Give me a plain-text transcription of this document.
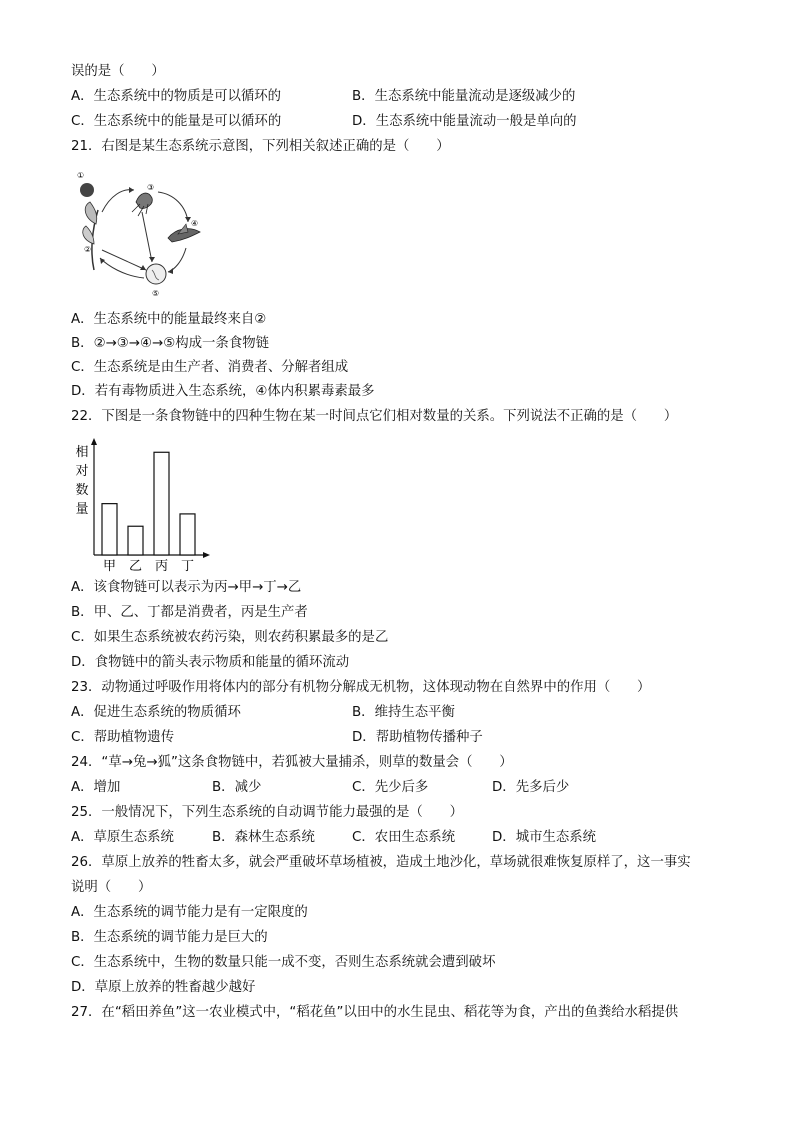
误的是（　　）
A．生态系统中的物质是可以循环的	B．生态系统中能量流动是逐级减少的
C．生态系统中的能量是可以循环的	D．生态系统中能量流动一般是单向的
21．右图是某生态系统示意图，下列相关叙述正确的是（　　）
①
②
③
④
⑤
A．生态系统中的能量最终来自②
B．②→③→④→⑤构成一条食物链
C．生态系统是由生产者、消费者、分解者组成
D．若有毒物质进入生态系统，④体内积累毒素最多
22．下图是一条食物链中的四种生物在某一时间点它们相对数量的关系。下列说法不正确的是（　　）
相
对
数
量
甲 乙 丙 丁
A．该食物链可以表示为丙→甲→丁→乙
B．甲、乙、丁都是消费者，丙是生产者
C．如果生态系统被农药污染，则农药积累最多的是乙
D．食物链中的箭头表示物质和能量的循环流动
23．动物通过呼吸作用将体内的部分有机物分解成无机物，这体现动物在自然界中的作用（　　）
A．促进生态系统的物质循环	B．维持生态平衡
C．帮助植物遗传	D．帮助植物传播种子
24．“草→兔→狐”这条食物链中，若狐被大量捕杀，则草的数量会（　　）
A．增加	B．减少	C．先少后多	D．先多后少
25．一般情况下，下列生态系统的自动调节能力最强的是（　　）
A．草原生态系统	B．森林生态系统	C．农田生态系统	D．城市生态系统
26．草原上放养的牲畜太多，就会严重破坏草场植被，造成土地沙化，草场就很难恢复原样了，这一事实
说明（　　）
A．生态系统的调节能力是有一定限度的
B．生态系统的调节能力是巨大的
C．生态系统中，生物的数量只能一成不变，否则生态系统就会遭到破坏
D．草原上放养的牲畜越少越好
27．在“稻田养鱼”这一农业模式中，“稻花鱼”以田中的水生昆虫、稻花等为食，产出的鱼粪给水稻提供
